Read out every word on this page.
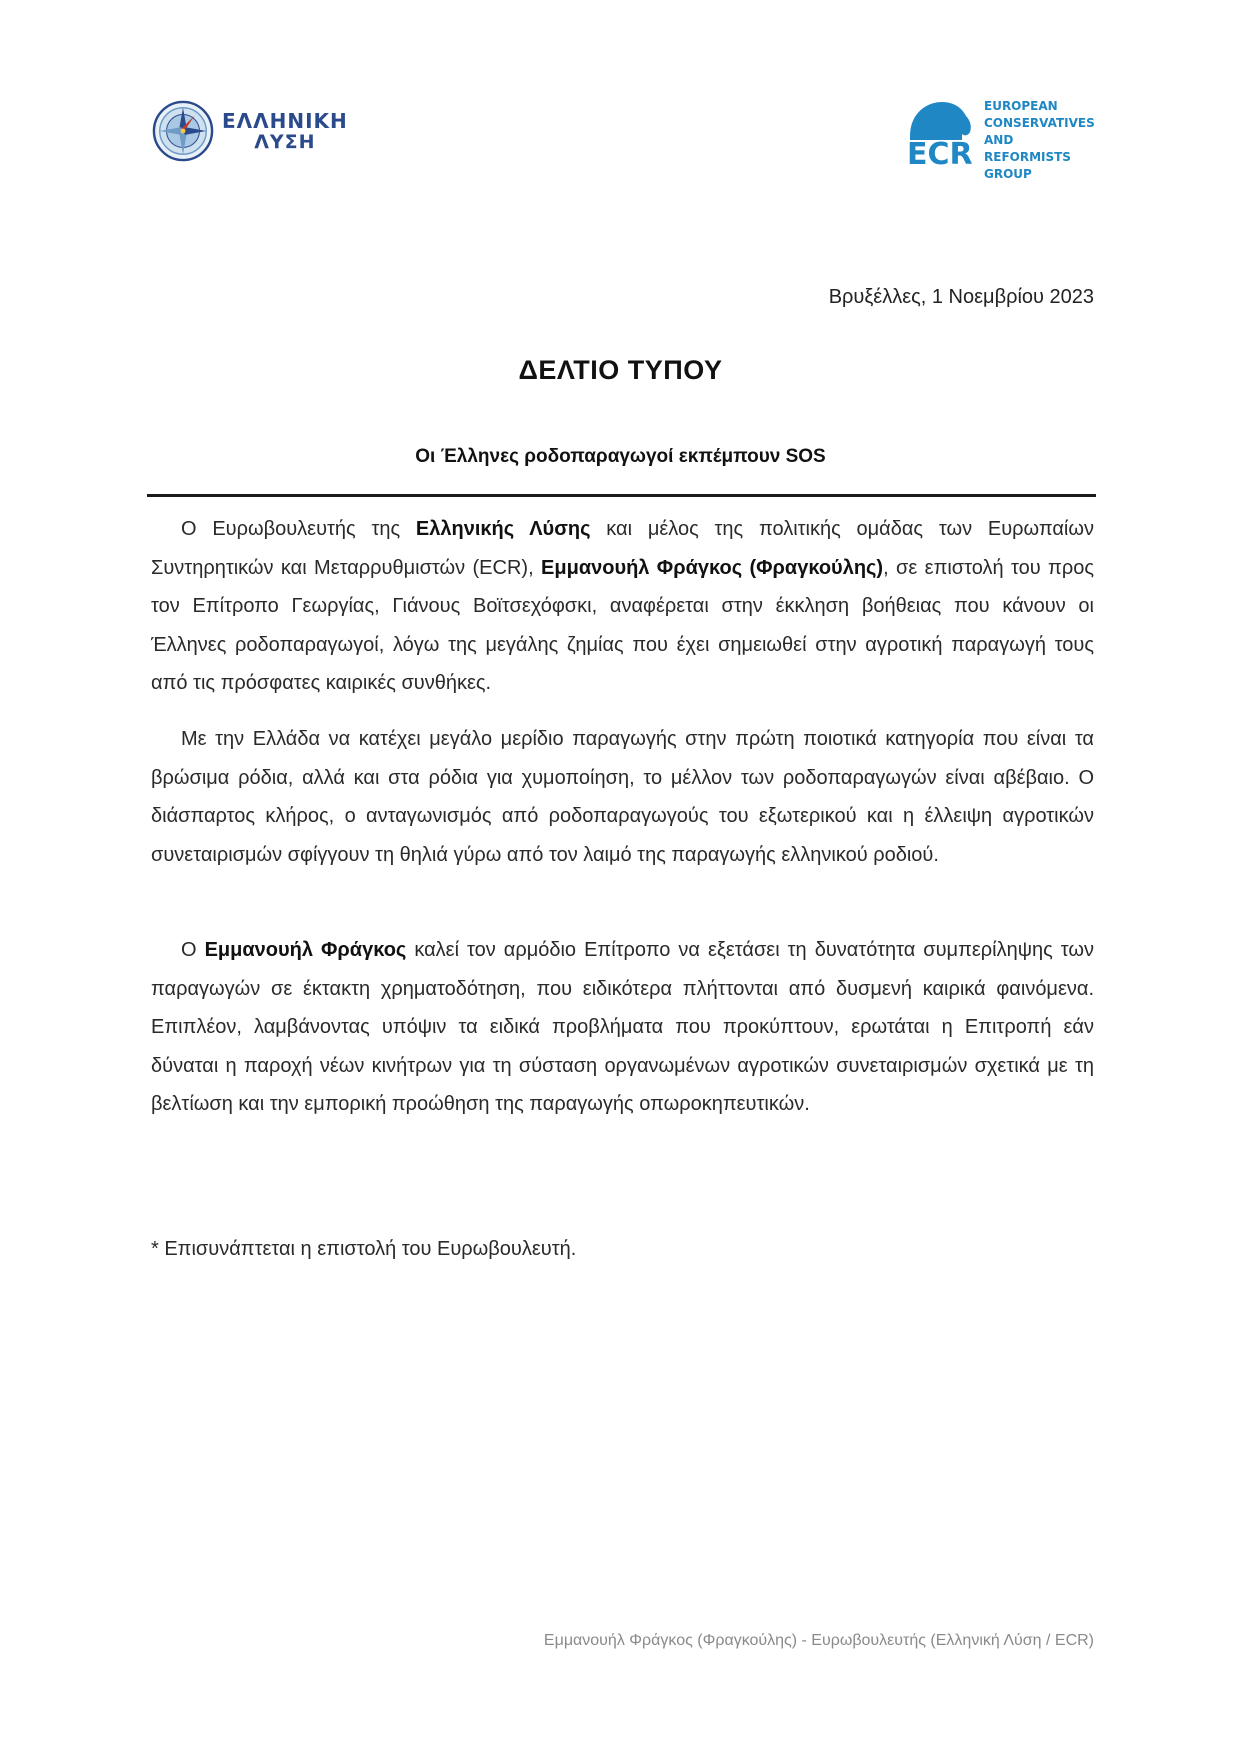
ΕΛΛΗΝΙΚΗ
ΛΥΣΗ	ECR
EUROPEAN
CONSERVATIVES
AND REFORMISTS
GROUP
Βρυξέλλες, 1 Νοεμβρίου 2023
ΔΕΛΤΙΟ ΤΥΠΟΥ
Οι Έλληνες ροδοπαραγωγοί εκπέμπουν SOS

Ο Ευρωβουλευτής της Ελληνικής Λύσης και μέλος της πολιτικής ομάδας των Ευρωπαίων Συντηρητικών και Μεταρρυθμιστών (ECR), Εμμανουήλ Φράγκος (Φραγκούλης), σε επιστολή του προς τον Επίτροπο Γεωργίας, Γιάνους Βοϊτσεχόφσκι, αναφέρεται στην έκκληση βοήθειας που κάνουν οι Έλληνες ροδοπαραγωγοί, λόγω της μεγάλης ζημίας που έχει σημειωθεί στην αγροτική παραγωγή τους από τις πρόσφατες καιρικές συνθήκες.

Με την Ελλάδα να κατέχει μεγάλο μερίδιο παραγωγής στην πρώτη ποιοτικά κατηγορία που είναι τα βρώσιμα ρόδια, αλλά και στα ρόδια για χυμοποίηση, το μέλλον των ροδοπαραγωγών είναι αβέβαιο. Ο διάσπαρτος κλήρος, ο ανταγωνισμός από ροδοπαραγωγούς του εξωτερικού και η έλλειψη αγροτικών συνεταιρισμών σφίγγουν τη θηλιά γύρω από τον λαιμό της παραγωγής ελληνικού ροδιού.

Ο Εμμανουήλ Φράγκος καλεί τον αρμόδιο Επίτροπο να εξετάσει τη δυνατότητα συμπερίληψης των παραγωγών σε έκτακτη χρηματοδότηση, που ειδικότερα πλήττονται από δυσμενή καιρικά φαινόμενα. Επιπλέον, λαμβάνοντας υπόψιν τα ειδικά προβλήματα που προκύπτουν, ερωτάται η Επιτροπή εάν δύναται η παροχή νέων κινήτρων για τη σύσταση οργανωμένων αγροτικών συνεταιρισμών σχετικά με τη βελτίωση και την εμπορική προώθηση της παραγωγής οπωροκηπευτικών.

* Επισυνάπτεται η επιστολή του Ευρωβουλευτή.
Εμμανουήλ Φράγκος (Φραγκούλης) - Ευρωβουλευτής (Ελληνική Λύση / ECR)
